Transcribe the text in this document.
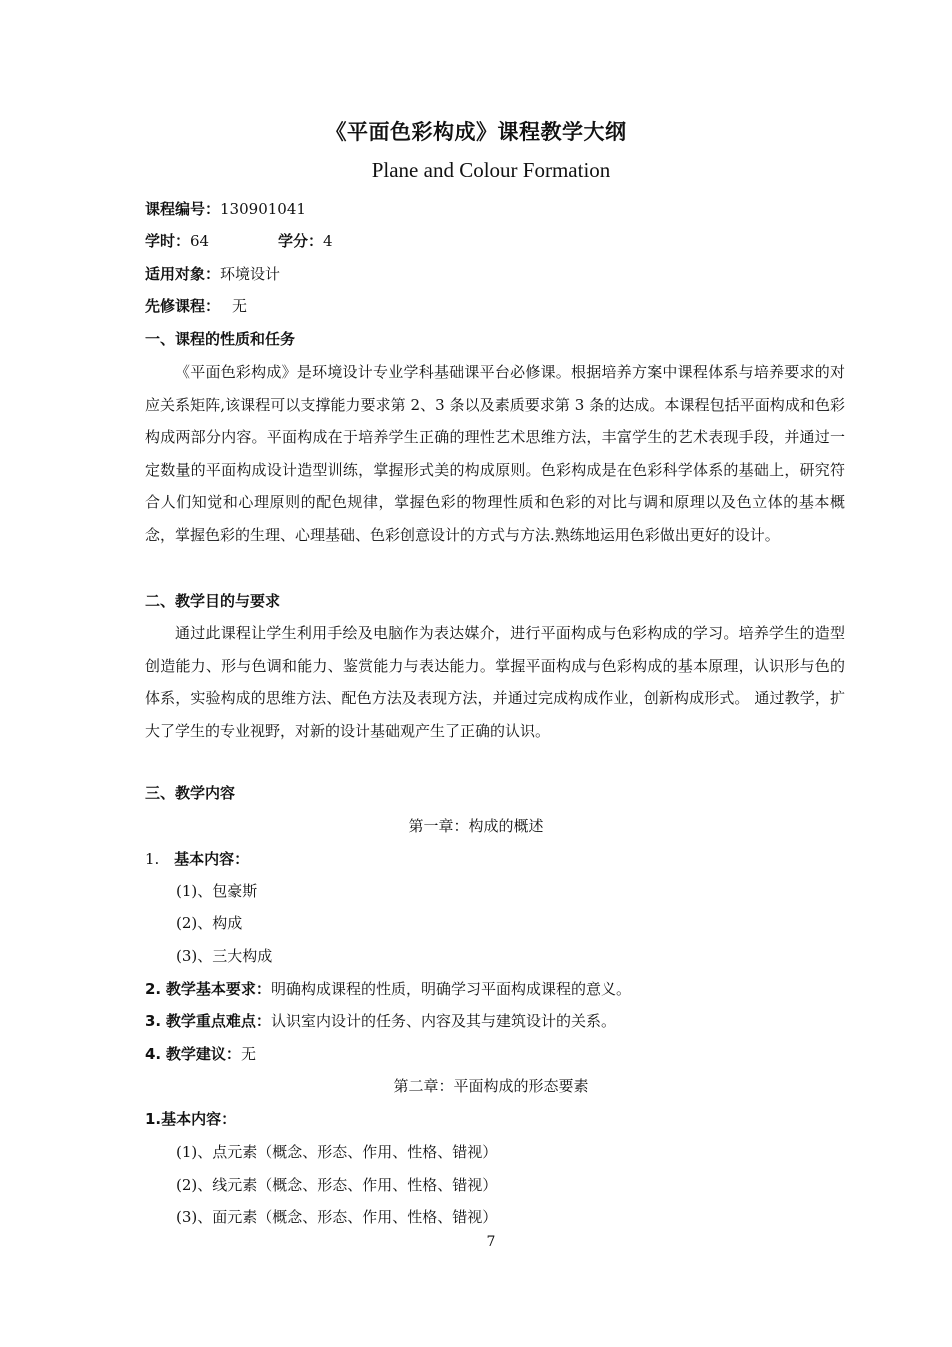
《平面色彩构成》课程教学大纲
Plane and Colour Formation
课程编号：130901041
学时：64	学分：4
适用对象：环境设计
先修课程： 无
一、课程的性质和任务
《平面色彩构成》是环境设计专业学科基础课平台必修课。根据培养方案中课程体系与培养要求的对应关系矩阵,该课程可以支撑能力要求第 2、3 条以及素质要求第 3 条的达成。本课程包括平面构成和色彩构成两部分内容。平面构成在于培养学生正确的理性艺术思维方法，丰富学生的艺术表现手段，并通过一定数量的平面构成设计造型训练，掌握形式美的构成原则。色彩构成是在色彩科学体系的基础上，研究符合人们知觉和心理原则的配色规律，掌握色彩的物理性质和色彩的对比与调和原理以及色立体的基本概念，掌握色彩的生理、心理基础、色彩创意设计的方式与方法.熟练地运用色彩做出更好的设计。
二、教学目的与要求
通过此课程让学生利用手绘及电脑作为表达媒介，进行平面构成与色彩构成的学习。培养学生的造型创造能力、形与色调和能力、鉴赏能力与表达能力。掌握平面构成与色彩构成的基本原理，认识形与色的体系，实验构成的思维方法、配色方法及表现方法，并通过完成构成作业，创新构成形式。 通过教学，扩大了学生的专业视野，对新的设计基础观产生了正确的认识。
三、教学内容
第一章：构成的概述
1. 基本内容：
(1)、包豪斯
(2)、构成
(3)、三大构成
2. 教学基本要求：明确构成课程的性质，明确学习平面构成课程的意义。
3. 教学重点难点：认识室内设计的任务、内容及其与建筑设计的关系。
4. 教学建议：无
第二章：平面构成的形态要素
1.基本内容：
(1)、点元素（概念、形态、作用、性格、错视）
(2)、线元素（概念、形态、作用、性格、错视）
(3)、面元素（概念、形态、作用、性格、错视）
7
